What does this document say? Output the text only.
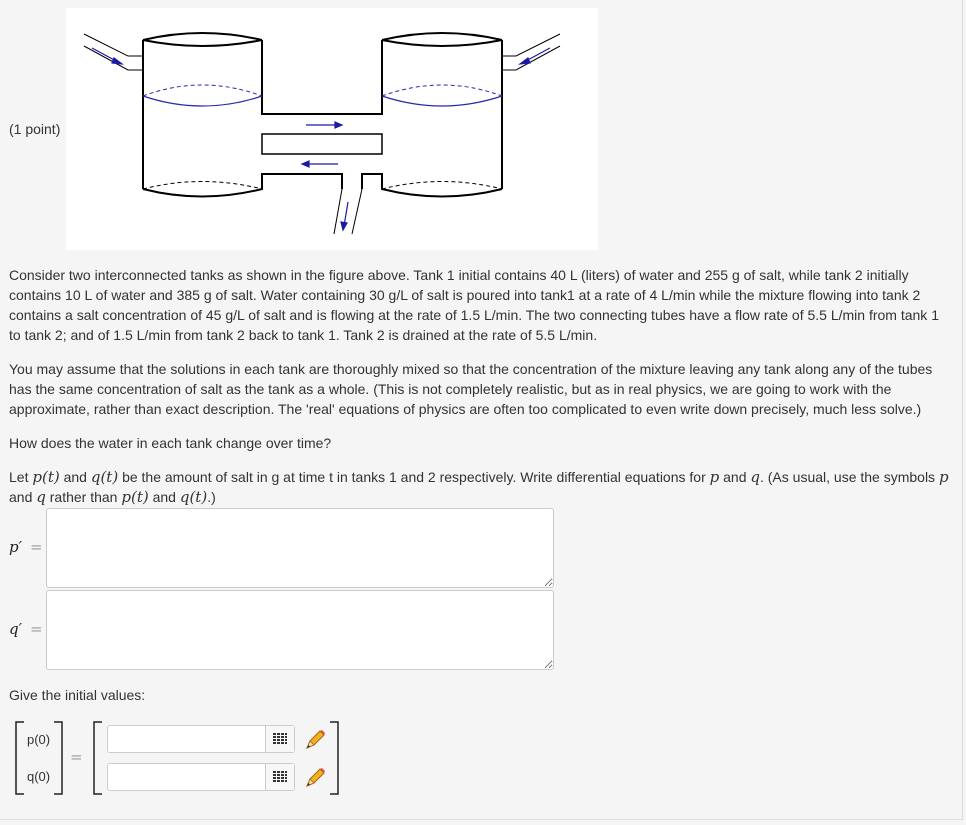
(1 point)

Consider two interconnected tanks as shown in the figure above. Tank 1 initial contains 40 L (liters) of water and 255 g of salt, while tank 2 initially contains 10 L of water and 385 g of salt. Water containing 30 g/L of salt is poured into tank1 at a rate of 4 L/min while the mixture flowing into tank 2 contains a salt concentration of 45 g/L of salt and is flowing at the rate of 1.5 L/min. The two connecting tubes have a flow rate of 5.5 L/min from tank 1 to tank 2; and of 1.5 L/min from tank 2 back to tank 1. Tank 2 is drained at the rate of 5.5 L/min.

You may assume that the solutions in each tank are thoroughly mixed so that the concentration of the mixture leaving any tank along any of the tubes has the same concentration of salt as the tank as a whole. (This is not completely realistic, but as in real physics, we are going to work with the approximate, rather than exact description. The 'real' equations of physics are often too complicated to even write down precisely, much less solve.)

How does the water in each tank change over time?

Let p(t) and q(t) be the amount of salt in g at time t in tanks 1 and 2 respectively. Write differential equations for p and q. (As usual, use the symbols p and q rather than p(t) and q(t).)

p′ =
q′ =

Give the initial values:

p(0)
q(0)
=
